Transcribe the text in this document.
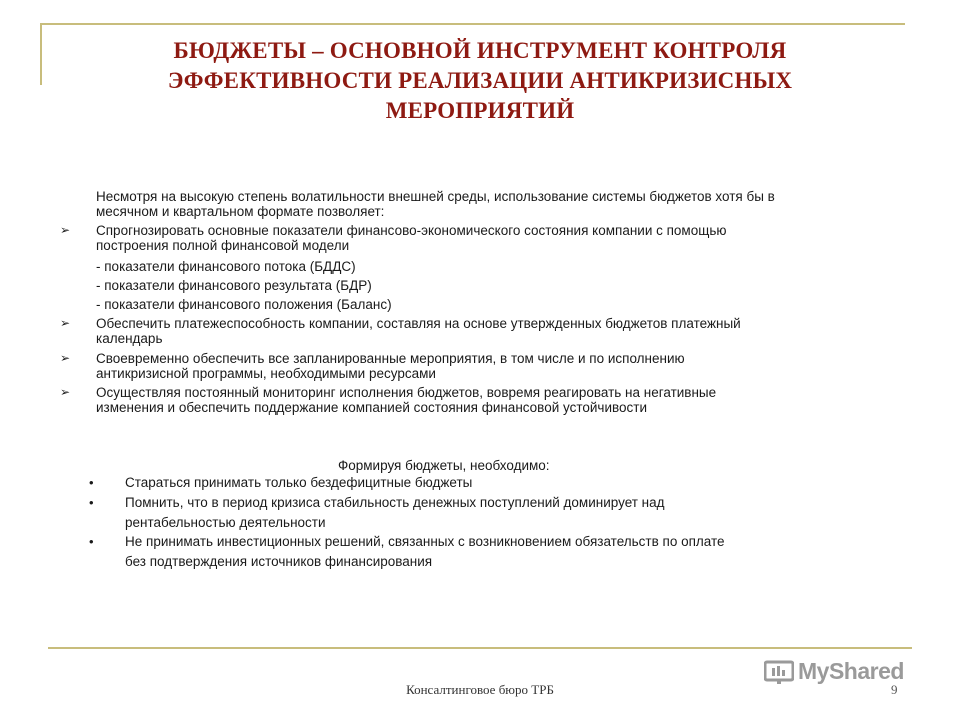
БЮДЖЕТЫ – ОСНОВНОЙ ИНСТРУМЕНТ КОНТРОЛЯ
ЭФФЕКТИВНОСТИ РЕАЛИЗАЦИИ АНТИКРИЗИСНЫХ
МЕРОПРИЯТИЙ
Несмотря на высокую степень волатильности внешней среды, использование системы бюджетов хотя бы в
месячном и квартальном формате позволяет:
➢ Спрогнозировать основные показатели финансово-экономического состояния компании с помощью
построения полной финансовой модели
- показатели финансового потока (БДДС)
- показатели финансового результата (БДР)
- показатели финансового положения (Баланс)
➢ Обеспечить платежеспособность компании, составляя на основе утвержденных бюджетов платежный
календарь
➢ Своевременно обеспечить все запланированные мероприятия, в том числе и по исполнению
антикризисной программы, необходимыми ресурсами
➢ Осуществляя постоянный мониторинг исполнения бюджетов, вовремя реагировать на негативные
изменения и обеспечить поддержание компанией состояния финансовой устойчивости
Формируя бюджеты, необходимо:
• Стараться принимать только бездефицитные бюджеты
• Помнить, что в период кризиса стабильность денежных поступлений доминирует над
рентабельностью деятельности
• Не принимать инвестиционных решений, связанных с возникновением обязательств по оплате
без подтверждения источников финансирования
MyShared
Консалтинговое бюро ТРБ	9
